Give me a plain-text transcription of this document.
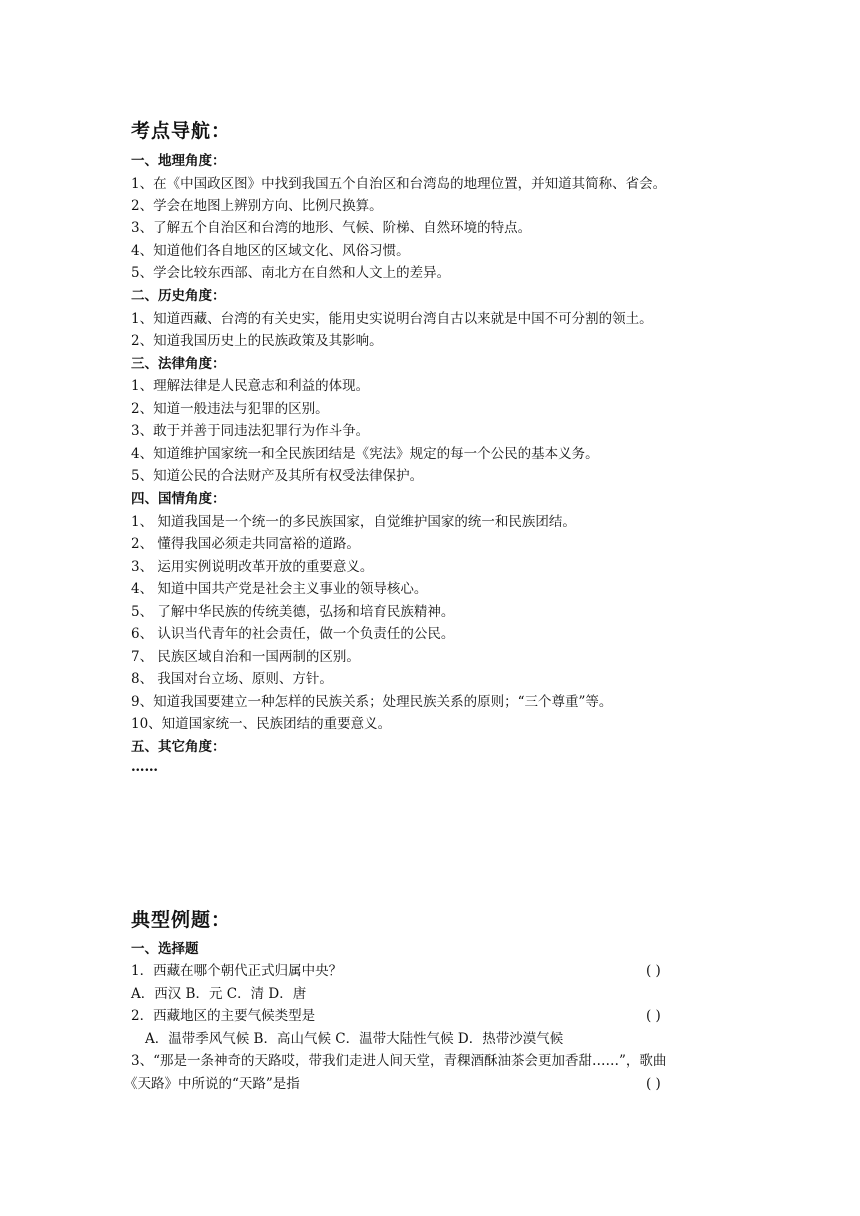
考点导航：
一、地理角度：
1、在《中国政区图》中找到我国五个自治区和台湾岛的地理位置，并知道其简称、省会。
2、学会在地图上辨别方向、比例尺换算。
3、了解五个自治区和台湾的地形、气候、阶梯、自然环境的特点。
4、知道他们各自地区的区域文化、风俗习惯。
5、学会比较东西部、南北方在自然和人文上的差异。
二、历史角度：
1、知道西藏、台湾的有关史实，能用史实说明台湾自古以来就是中国不可分割的领土。
2、知道我国历史上的民族政策及其影响。
三、法律角度：
1、理解法律是人民意志和利益的体现。
2、知道一般违法与犯罪的区别。
3、敢于并善于同违法犯罪行为作斗争。
4、知道维护国家统一和全民族团结是《宪法》规定的每一个公民的基本义务。
5、知道公民的合法财产及其所有权受法律保护。
四、国情角度：
1、 知道我国是一个统一的多民族国家，自觉维护国家的统一和民族团结。
2、 懂得我国必须走共同富裕的道路。
3、 运用实例说明改革开放的重要意义。
4、 知道中国共产党是社会主义事业的领导核心。
5、 了解中华民族的传统美德，弘扬和培育民族精神。
6、 认识当代青年的社会责任，做一个负责任的公民。
7、 民族区域自治和一国两制的区别。
8、 我国对台立场、原则、方针。
9、知道我国要建立一种怎样的民族关系；处理民族关系的原则；“三个尊重”等。
10、知道国家统一、民族团结的重要意义。
五、其它角度：
……
典型例题：
一、选择题
1．西藏在哪个朝代正式归属中央？	( )
A．西汉 B．元 C．清 D．唐
2．西藏地区的主要气候类型是	( )
A．温带季风气候 B．高山气候 C．温带大陆性气候 D．热带沙漠气候
3、“那是一条神奇的天路哎，带我们走进人间天堂，青稞酒酥油茶会更加香甜……”，歌曲
《天路》中所说的“天路”是指	( )
